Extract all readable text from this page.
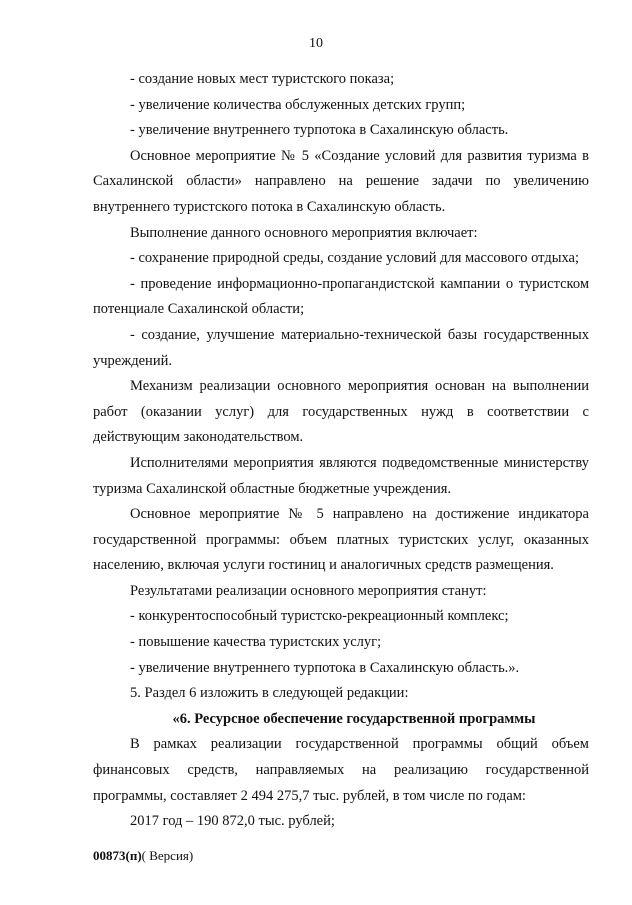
10

- создание новых мест туристского показа;

- увеличение количества обслуженных детских групп;

- увеличение внутреннего турпотока в Сахалинскую область.

Основное мероприятие № 5 «Создание условий для развития туризма в Сахалинской области» направлено на решение задачи по увеличению внутреннего туристского потока в Сахалинскую область.

Выполнение данного основного мероприятия включает:

- сохранение природной среды, создание условий для массового отдыха;

- проведение информационно-пропагандистской кампании о туристском потенциале Сахалинской области;

- создание, улучшение материально-технической базы государственных учреждений.

Механизм реализации основного мероприятия основан на выполнении работ (оказании услуг) для государственных нужд в соответствии с действующим законодательством.

Исполнителями мероприятия являются подведомственные министерству туризма Сахалинской областные бюджетные учреждения.

Основное мероприятие № 5 направлено на достижение индикатора государственной программы: объем платных туристских услуг, оказанных населению, включая услуги гостиниц и аналогичных средств размещения.

Результатами реализации основного мероприятия станут:

- конкурентоспособный туристско-рекреационный комплекс;

- повышение качества туристских услуг;

- увеличение внутреннего турпотока в Сахалинскую область.».

5. Раздел 6 изложить в следующей редакции:

«6. Ресурсное обеспечение государственной программы

В рамках реализации государственной программы общий объем финансовых средств, направляемых на реализацию государственной программы, составляет 2 494 275,7 тыс. рублей, в том числе по годам:

2017 год – 190 872,0 тыс. рублей;

00873(п)( Версия)
